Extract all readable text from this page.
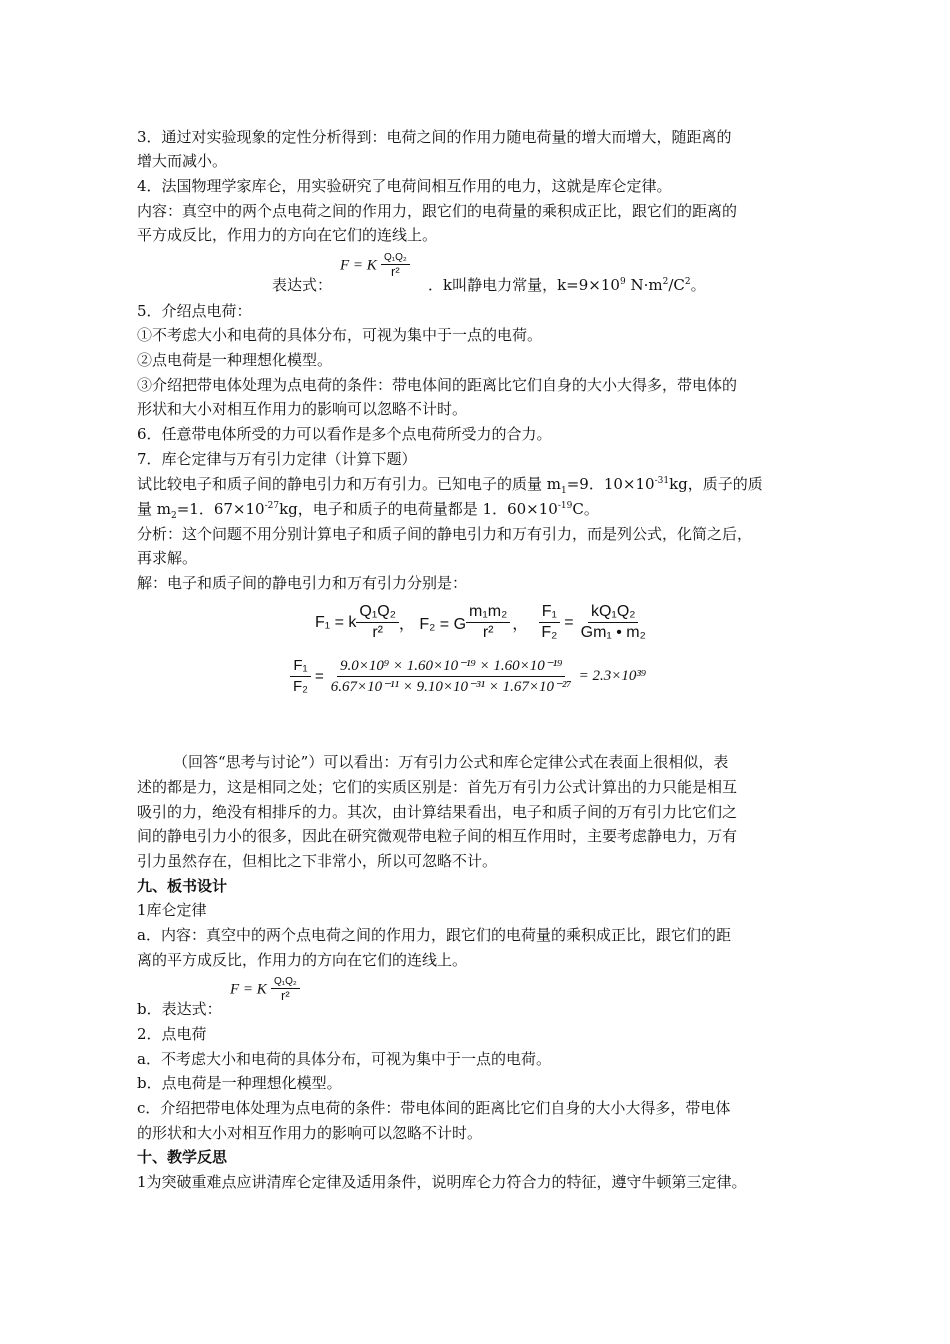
3．通过对实验现象的定性分析得到：电荷之间的作用力随电荷量的增大而增大，随距离的
增大而减小。
4．法国物理学家库仑，用实验研究了电荷间相互作用的电力，这就是库仑定律。
内容：真空中的两个点电荷之间的作用力，跟它们的电荷量的乘积成正比，跟它们的距离的
平方成反比，作用力的方向在它们的连线上。
F = K $\frac{\text{Q₁Q₂}}{\text{r²}}$
表达式：	．k叫静电力常量，$k=9\times 10^9$ $N\cdot m^2/C^2$。
5．介绍点电荷：
①不考虑大小和电荷的具体分布，可视为集中于一点的电荷。
②点电荷是一种理想化模型。
③介绍把带电体处理为点电荷的条件：带电体间的距离比它们自身的大小大得多，带电体的
形状和大小对相互作用力的影响可以忽略不计时。
6．任意带电体所受的力可以看作是多个点电荷所受力的合力。
7．库仑定律与万有引力定律（计算下题）
试比较电子和质子间的静电引力和万有引力。已知电子的质量 $m_1=9$．$10\times 10^{-31}kg$，质子的质
量 $m_2=1$．$67\times 10^{-27}kg$，电子和质子的电荷量都是 1．$60\times 10^{-19}C$。
分析：这个问题不用分别计算电子和质子间的静电引力和万有引力，而是列公式，化简之后，
再求解。
解：电子和质子间的静电引力和万有引力分别是：
F₁ = k $\frac{\text{Q₁Q₂}}{\text{r²}}$ ， F₂ = G $\frac{\text{m₁m₂}}{\text{r²}}$ ， $\frac{\text{F₁}}{\text{F₂}} = \frac{\text{kQ₁Q₂}}{\text{Gm₁ • m₂}}$
$\frac{\text{F₁}}{\text{F₂}} = \frac{\text{9.0×10⁹ × 1.60×10⁻¹⁹ × 1.60×10⁻¹⁹}}{\text{6.67×10⁻¹¹ × 9.10×10⁻³¹ × 1.67×10⁻²⁷}} = 2.3\times 10^{39}$
（回答“思考与讨论”）可以看出：万有引力公式和库仑定律公式在表面上很相似，表
述的都是力，这是相同之处；它们的实质区别是：首先万有引力公式计算出的力只能是相互
吸引的力，绝没有相排斥的力。其次，由计算结果看出，电子和质子间的万有引力比它们之
间的静电引力小的很多，因此在研究微观带电粒子间的相互作用时，主要考虑静电力，万有
引力虽然存在，但相比之下非常小，所以可忽略不计。
九、板书设计
1库仑定律
a．内容：真空中的两个点电荷之间的作用力，跟它们的电荷量的乘积成正比，跟它们的距
离的平方成反比，作用力的方向在它们的连线上。
F = K $\frac{\text{Q₁Q₂}}{\text{r²}}$
b．表达式：
2．点电荷
a．不考虑大小和电荷的具体分布，可视为集中于一点的电荷。
b．点电荷是一种理想化模型。
c．介绍把带电体处理为点电荷的条件：带电体间的距离比它们自身的大小大得多，带电体
的形状和大小对相互作用力的影响可以忽略不计时。
十、教学反思
1为突破重难点应讲清库仑定律及适用条件，说明库仑力符合力的特征，遵守牛顿第三定律。
